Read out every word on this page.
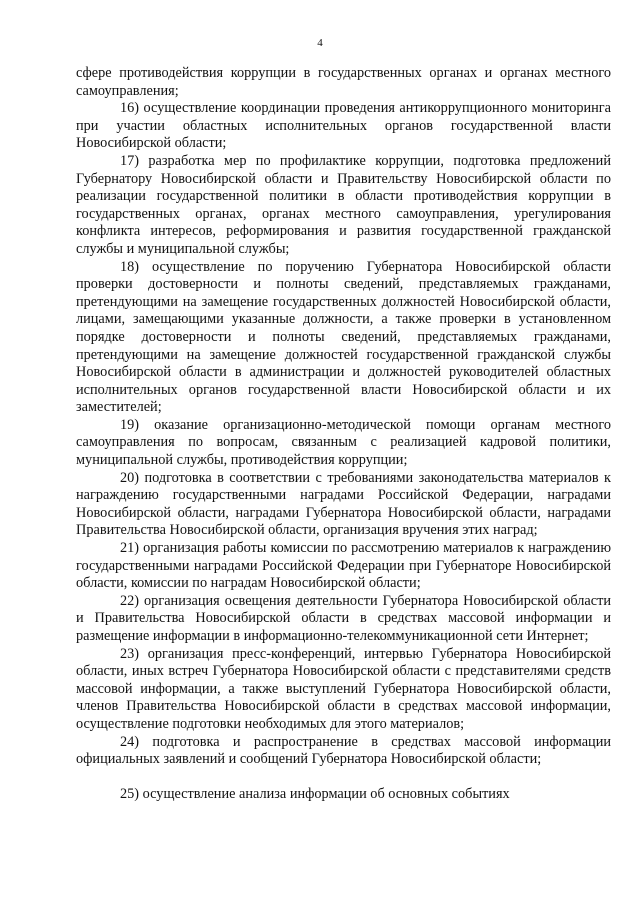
4

сфере противодействия коррупции в государственных органах и органах местного самоуправления;

16) осуществление координации проведения антикоррупционного мониторинга при участии областных исполнительных органов государственной власти Новосибирской области;

17) разработка мер по профилактике коррупции, подготовка предложений Губернатору Новосибирской области и Правительству Новосибирской области по реализации государственной политики в области противодействия коррупции в государственных органах, органах местного самоуправления, урегулирования конфликта интересов, реформирования и развития государственной гражданской службы и муниципальной службы;

18) осуществление по поручению Губернатора Новосибирской области проверки достоверности и полноты сведений, представляемых гражданами, претендующими на замещение государственных должностей Новосибирской области, лицами, замещающими указанные должности, а также проверки в установленном порядке достоверности и полноты сведений, представляемых гражданами, претендующими на замещение должностей государственной гражданской службы Новосибирской области в администрации и должностей руководителей областных исполнительных органов государственной власти Новосибирской области и их заместителей;

19) оказание организационно-методической помощи органам местного самоуправления по вопросам, связанным с реализацией кадровой политики, муниципальной службы, противодействия коррупции;

20) подготовка в соответствии с требованиями законодательства материалов к награждению государственными наградами Российской Федерации, наградами Новосибирской области, наградами Губернатора Новосибирской области, наградами Правительства Новосибирской области, организация вручения этих наград;

21) организация работы комиссии по рассмотрению материалов к награждению государственными наградами Российской Федерации при Губернаторе Новосибирской области, комиссии по наградам Новосибирской области;

22) организация освещения деятельности Губернатора Новосибирской области и Правительства Новосибирской области в средствах массовой информации и размещение информации в информационно-телекоммуникационной сети Интернет;

23) организация пресс-конференций, интервью Губернатора Новосибирской области, иных встреч Губернатора Новосибирской области с представителями средств массовой информации, а также выступлений Губернатора Новосибирской области, членов Правительства Новосибирской области в средствах массовой информации, осуществление подготовки необходимых для этого материалов;

24) подготовка и распространение в средствах массовой информации официальных заявлений и сообщений Губернатора Новосибирской области;

25) осуществление анализа информации об основных событиях
